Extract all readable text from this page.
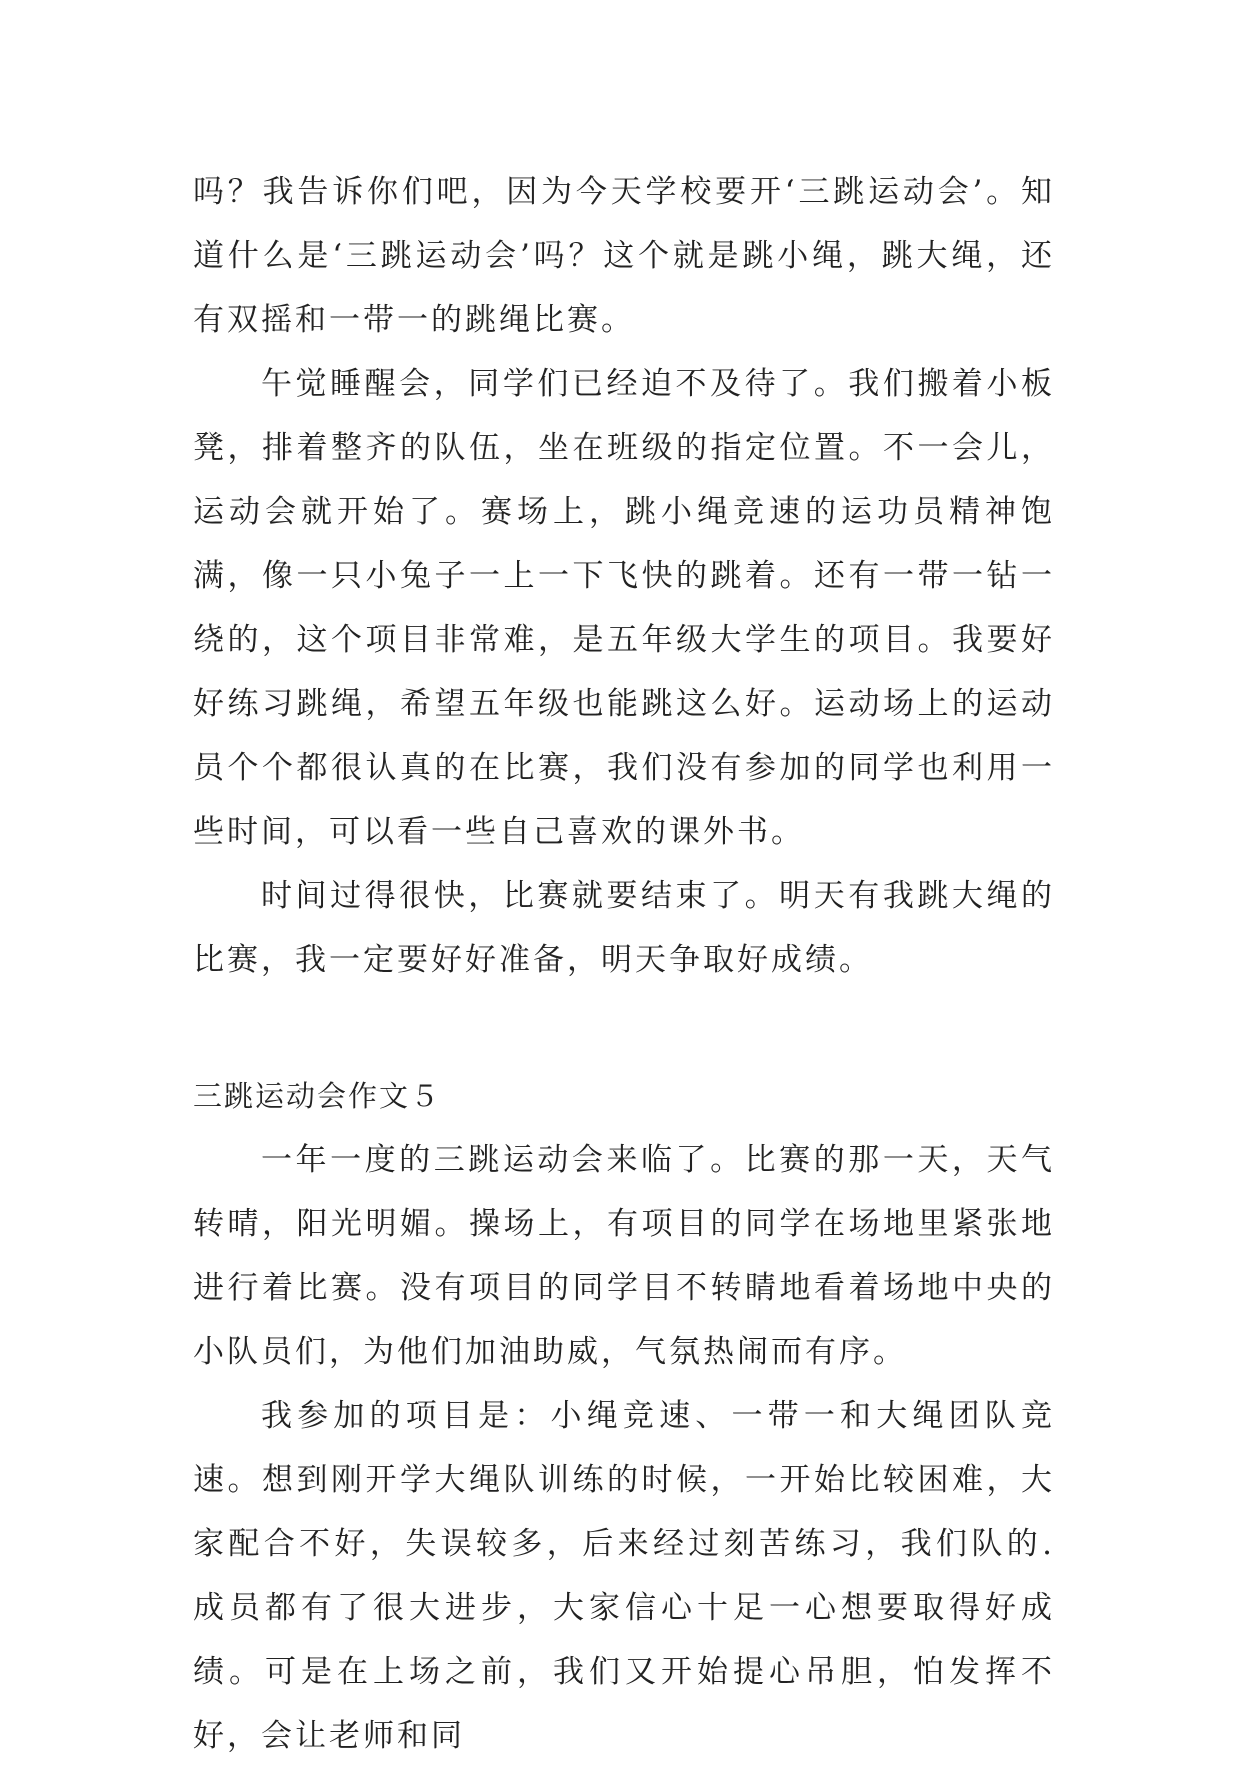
吗？我告诉你们吧，因为今天学校要开‘三跳运动会’。知道什么是‘三跳运动会’吗？这个就是跳小绳，跳大绳，还有双摇和一带一的跳绳比赛。

午觉睡醒会，同学们已经迫不及待了。我们搬着小板凳，排着整齐的队伍，坐在班级的指定位置。不一会儿，运动会就开始了。赛场上，跳小绳竞速的运功员精神饱满，像一只小兔子一上一下飞快的跳着。还有一带一钻一绕的，这个项目非常难，是五年级大学生的项目。我要好好练习跳绳，希望五年级也能跳这么好。运动场上的运动员个个都很认真的在比赛，我们没有参加的同学也利用一些时间，可以看一些自己喜欢的课外书。

时间过得很快，比赛就要结束了。明天有我跳大绳的比赛，我一定要好好准备，明天争取好成绩。

三跳运动会作文５

一年一度的三跳运动会来临了。比赛的那一天，天气转晴，阳光明媚。操场上，有项目的同学在场地里紧张地进行着比赛。没有项目的同学目不转睛地看着场地中央的小队员们，为他们加油助威，气氛热闹而有序。

我参加的项目是：小绳竞速、一带一和大绳团队竞速。想到刚开学大绳队训练的时候，一开始比较困难，大家配合不好，失误较多，后来经过刻苦练习，我们队的.成员都有了很大进步，大家信心十足一心想要取得好成绩。可是在上场之前，我们又开始提心吊胆，怕发挥不好，会让老师和同
